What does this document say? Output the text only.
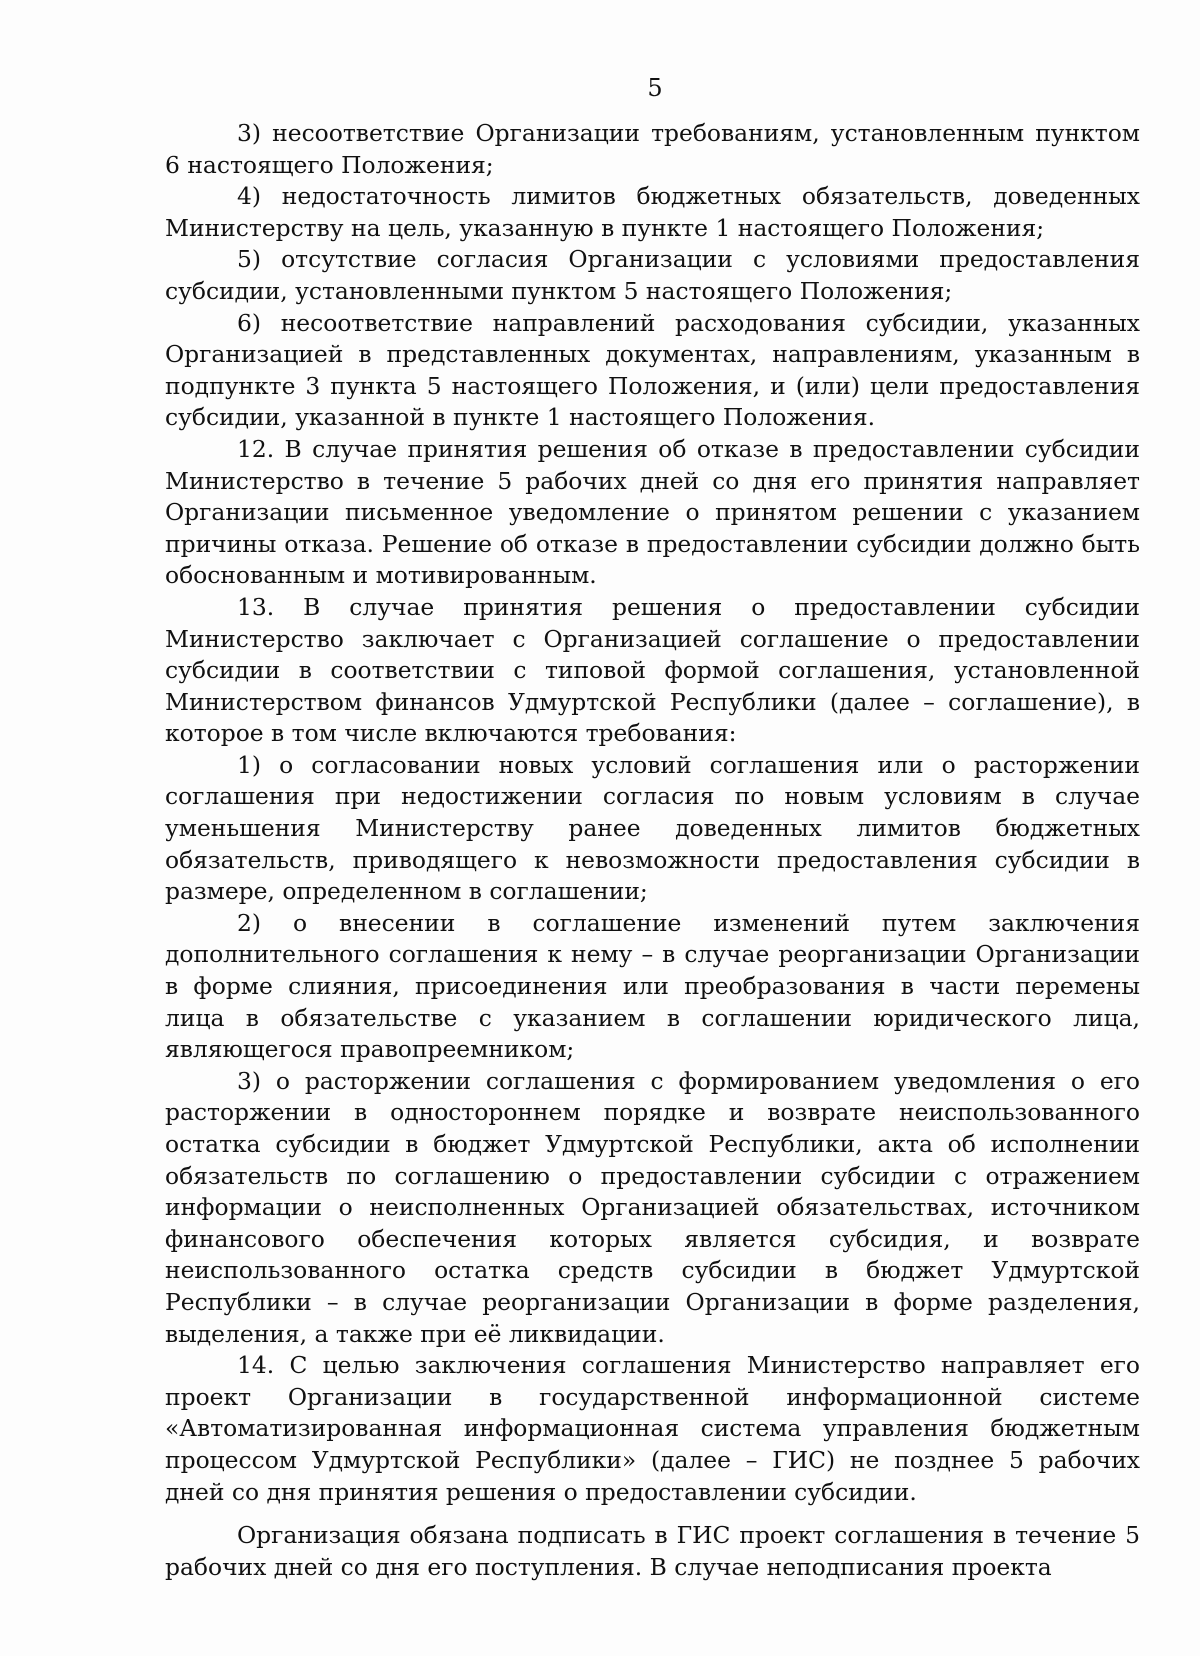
5

3) несоответствие Организации требованиям, установленным пунктом 6 настоящего Положения;

4) недостаточность лимитов бюджетных обязательств, доведенных Министерству на цель, указанную в пункте 1 настоящего Положения;

5) отсутствие согласия Организации с условиями предоставления субсидии, установленными пунктом 5 настоящего Положения;

6) несоответствие направлений расходования субсидии, указанных Организацией в представленных документах, направлениям, указанным в подпункте 3 пункта 5 настоящего Положения, и (или) цели предоставления субсидии, указанной в пункте 1 настоящего Положения.

12. В случае принятия решения об отказе в предоставлении субсидии Министерство в течение 5 рабочих дней со дня его принятия направляет Организации письменное уведомление о принятом решении с указанием причины отказа. Решение об отказе в предоставлении субсидии должно быть обоснованным и мотивированным.

13. В случае принятия решения о предоставлении субсидии Министерство заключает с Организацией соглашение о предоставлении субсидии в соответствии с типовой формой соглашения, установленной Министерством финансов Удмуртской Республики (далее – соглашение), в которое в том числе включаются требования:

1) о согласовании новых условий соглашения или о расторжении соглашения при недостижении согласия по новым условиям в случае уменьшения Министерству ранее доведенных лимитов бюджетных обязательств, приводящего к невозможности предоставления субсидии в размере, определенном в соглашении;

2) о внесении в соглашение изменений путем заключения дополнительного соглашения к нему – в случае реорганизации Организации в форме слияния, присоединения или преобразования в части перемены лица в обязательстве с указанием в соглашении юридического лица, являющегося правопреемником;

3) о расторжении соглашения с формированием уведомления о его расторжении в одностороннем порядке и возврате неиспользованного остатка субсидии в бюджет Удмуртской Республики, акта об исполнении обязательств по соглашению о предоставлении субсидии с отражением информации о неисполненных Организацией обязательствах, источником финансового обеспечения которых является субсидия, и возврате неиспользованного остатка средств субсидии в бюджет Удмуртской Республики – в случае реорганизации Организации в форме разделения, выделения, а также при её ликвидации.

14. С целью заключения соглашения Министерство направляет его проект Организации в государственной информационной системе «Автоматизированная информационная система управления бюджетным процессом Удмуртской Республики» (далее – ГИС) не позднее 5 рабочих дней со дня принятия решения о предоставлении субсидии.

Организация обязана подписать в ГИС проект соглашения в течение 5 рабочих дней со дня его поступления. В случае неподписания проекта
